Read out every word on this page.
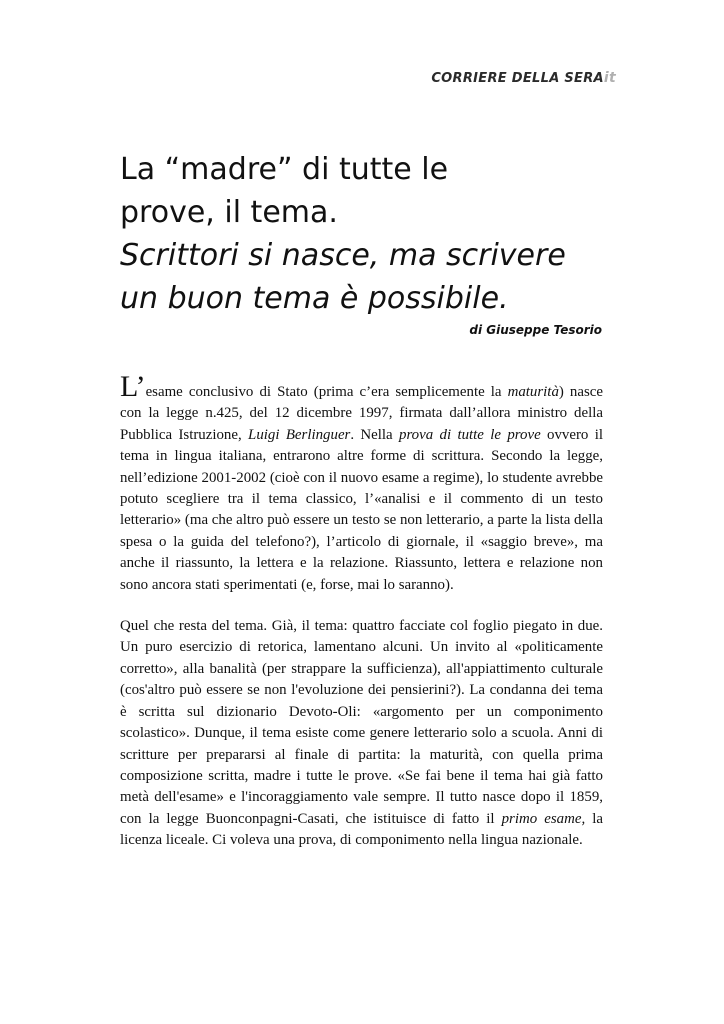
CORRIERE DELLA SERAit
La “madre” di tutte le
prove, il tema.
Scrittori si nasce, ma scrivere
un buon tema è possibile.
di Giuseppe Tesorio

L’esame conclusivo di Stato (prima c’era semplicemente la maturità) nasce con la legge n.425, del 12 dicembre 1997, firmata dall’allora ministro della Pubblica Istruzione, Luigi Berlinguer. Nella prova di tutte le prove ovvero il tema in lingua italiana, entrarono altre forme di scrittura. Secondo la legge, nell’edizione 2001-2002 (cioè con il nuovo esame a regime), lo studente avrebbe potuto scegliere tra il tema classico, l’«analisi e il commento di un testo letterario» (ma che altro può essere un testo se non letterario, a parte la lista della spesa o la guida del telefono?), l’articolo di giornale, il «saggio breve», ma anche il riassunto, la lettera e la relazione. Riassunto, lettera e relazione non sono ancora stati sperimentati (e, forse, mai lo saranno).

Quel che resta del tema. Già, il tema: quattro facciate col foglio piegato in due. Un puro esercizio di retorica, lamentano alcuni. Un invito al «politicamente corretto», alla banalità (per strappare la sufficienza), all'appiattimento culturale (cos'altro può essere se non l'evoluzione dei pensierini?). La condanna dei tema è scritta sul dizionario Devoto-Oli: «argomento per un componimento scolastico». Dunque, il tema esiste come genere letterario solo a scuola. Anni di scritture per prepararsi al finale di partita: la maturità, con quella prima composizione scritta, madre i tutte le prove. «Se fai bene il tema hai già fatto metà dell'esame» e l'incoraggiamento vale sempre. Il tutto nasce dopo il 1859, con la legge Buonconpagni-Casati, che istituisce di fatto il primo esame, la licenza liceale. Ci voleva una prova, di componimento nella lingua nazionale.
